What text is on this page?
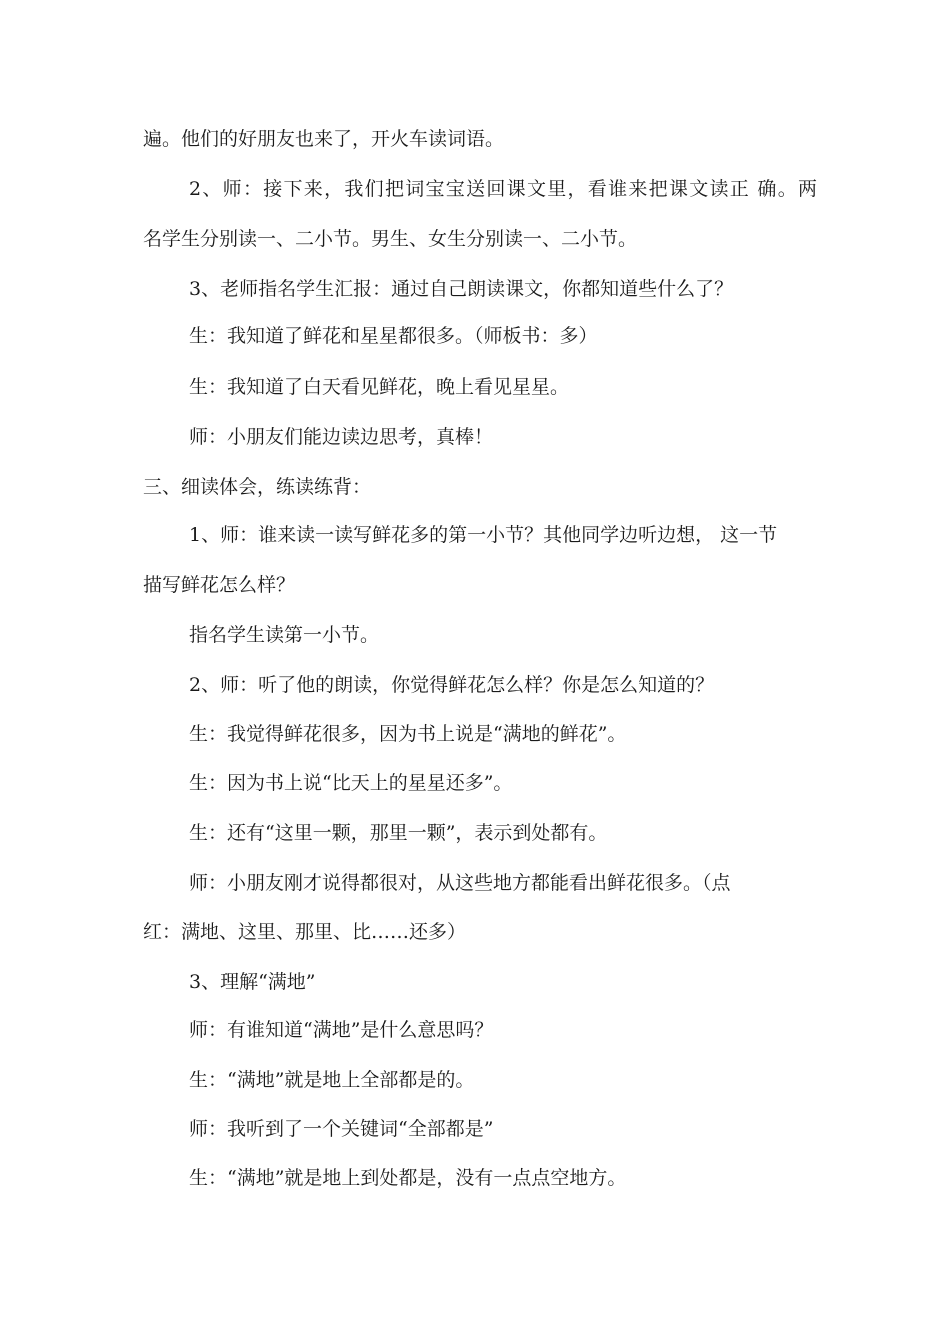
遍。他们的好朋友也来了，开火车读词语。

2、师：接下来，我们把词宝宝送回课文里，看谁来把课文读正 确。两

名学生分别读一、二小节。男生、女生分别读一、二小节。

3、老师指名学生汇报：通过自己朗读课文，你都知道些什么了？

生：我知道了鲜花和星星都很多。（师板书：多）

生：我知道了白天看见鲜花，晚上看见星星。

师：小朋友们能边读边思考，真棒！

三、细读体会，练读练背：

1、师：谁来读一读写鲜花多的第一小节？其他同学边听边想， 这一节

描写鲜花怎么样？

指名学生读第一小节。

2、师：听了他的朗读，你觉得鲜花怎么样？你是怎么知道的？

生：我觉得鲜花很多，因为书上说是“满地的鲜花”。

生：因为书上说“比天上的星星还多”。

生：还有“这里一颗，那里一颗”，表示到处都有。

师：小朋友刚才说得都很对，从这些地方都能看出鲜花很多。（点

红：满地、这里、那里、比……还多）

3、理解“满地”

师：有谁知道“满地”是什么意思吗？

生：“满地”就是地上全部都是的。

师：我听到了一个关键词“全部都是”

生：“满地”就是地上到处都是，没有一点点空地方。
